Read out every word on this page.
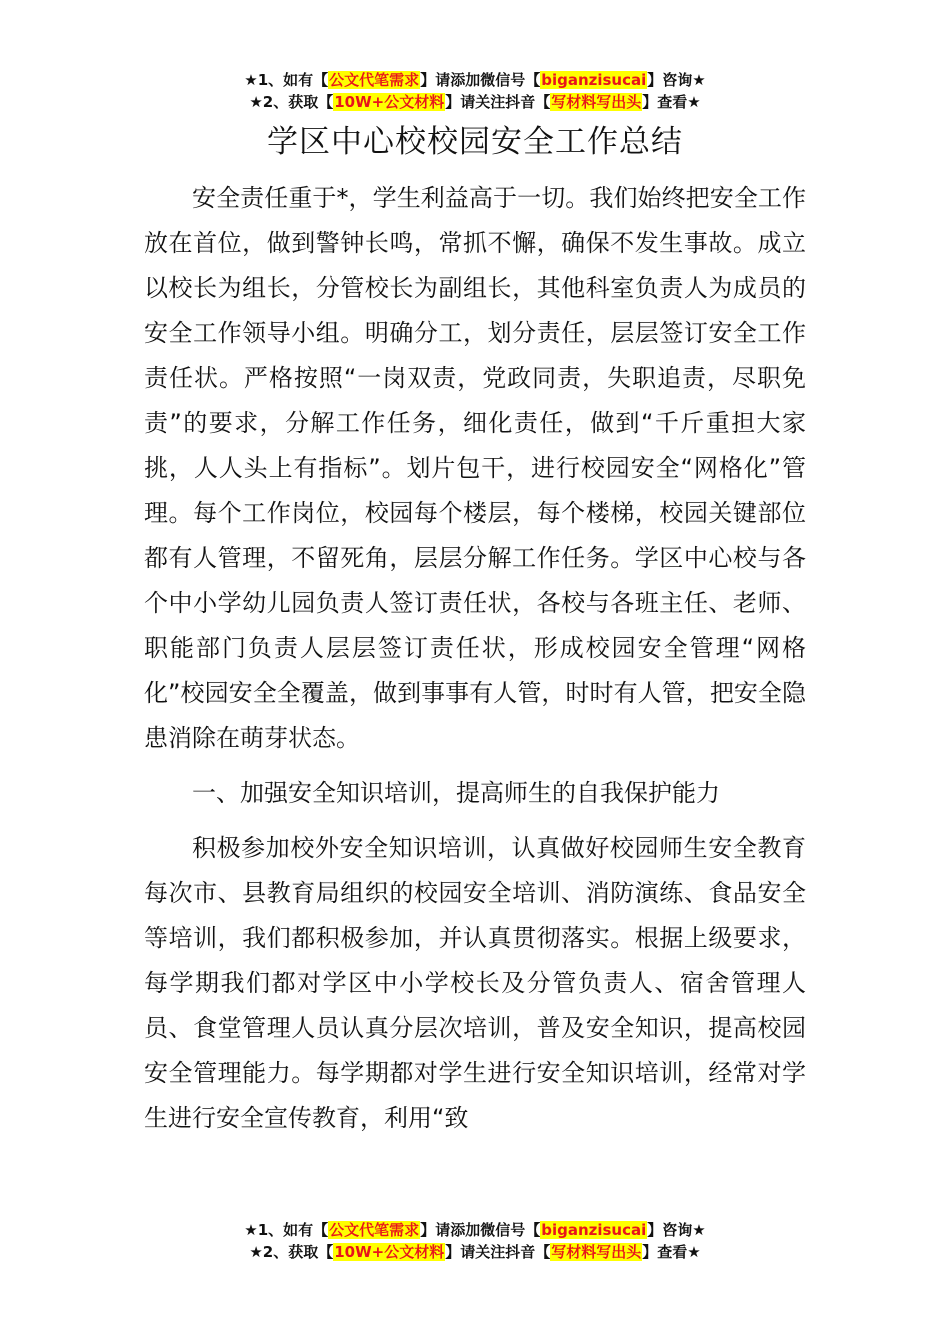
★1、如有【公文代笔需求】请添加微信号【biganzisucai】咨询★
★2、获取【10W+公文材料】请关注抖音【写材料写出头】查看★
学区中心校校园安全工作总结

安全责任重于*，学生利益高于一切。我们始终把安全工作放在首位，做到警钟长鸣，常抓不懈，确保不发生事故。成立以校长为组长，分管校长为副组长，其他科室负责人为成员的安全工作领导小组。明确分工，划分责任，层层签订安全工作责任状。严格按照“一岗双责，党政同责，失职追责，尽职免责”的要求，分解工作任务，细化责任，做到“千斤重担大家挑，人人头上有指标”。划片包干，进行校园安全“网格化”管理。每个工作岗位，校园每个楼层，每个楼梯，校园关键部位都有人管理，不留死角，层层分解工作任务。学区中心校与各个中小学幼儿园负责人签订责任状，各校与各班主任、老师、职能部门负责人层层签订责任状，形成校园安全管理“网格化”校园安全全覆盖，做到事事有人管，时时有人管，把安全隐患消除在萌芽状态。

一、加强安全知识培训，提高师生的自我保护能力

积极参加校外安全知识培训，认真做好校园师生安全教育每次市、县教育局组织的校园安全培训、消防演练、食品安全等培训，我们都积极参加，并认真贯彻落实。根据上级要求，每学期我们都对学区中小学校长及分管负责人、宿舍管理人员、食堂管理人员认真分层次培训，普及安全知识，提高校园安全管理能力。每学期都对学生进行安全知识培训，经常对学生进行安全宣传教育，利用“致

★1、如有【公文代笔需求】请添加微信号【biganzisucai】咨询★
★2、获取【10W+公文材料】请关注抖音【写材料写出头】查看★
